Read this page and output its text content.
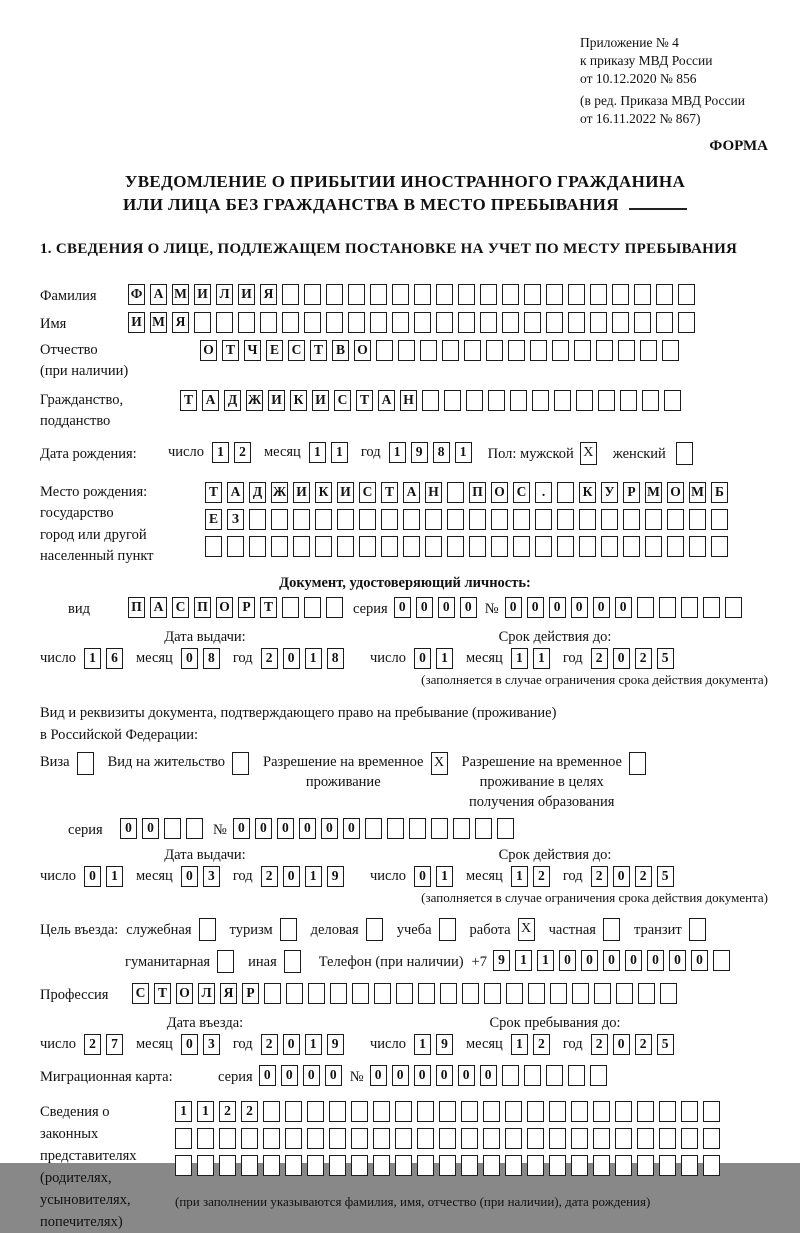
Приложение № 4
к приказу МВД России
от 10.12.2020 № 856
(в ред. Приказа МВД России
от 16.11.2022 № 867)
ФОРМА
УВЕДОМЛЕНИЕ О ПРИБЫТИИ ИНОСТРАННОГО ГРАЖДАНИНА
ИЛИ ЛИЦА БЕЗ ГРАЖДАНСТВА В МЕСТО ПРЕБЫВАНИЯ
1. СВЕДЕНИЯ О ЛИЦЕ, ПОДЛЕЖАЩЕМ ПОСТАНОВКЕ НА УЧЕТ ПО МЕСТУ ПРЕБЫВАНИЯ
Фамилия	Ф А М И Л И Я
Имя	И М Я
Отчество
(при наличии)
О Т Ч Е С Т В О
Гражданство,
подданство
Т А Д Ж И К И С Т А Н
Дата рождения:	число 1	2	месяц 1	1	год 1	9	8	1	Пол: мужской X женский
Место рождения:
государство
город или другой
населенный пункт
Т А Д Ж И К И С Т А Н П О С	.	К У Р М О М Б
Е	З
Документ, удостоверяющий личность:
вид	П А С П О Р Т	серия 0	0	0	0 № 0	0	0	0	0	0
Дата выдачи:
число 1	6	месяц 0	8	год 2	0	1	8
Срок действия до:
число 0	1	месяц 1	1	год 2	0	2	5
(заполняется в случае ограничения срока действия документа)
Вид и реквизиты документа, подтверждающего право на пребывание (проживание)
в Российской Федерации:
Виза	Вид на жительство	Разрешение на временное
проживание
X Разрешение на временное
проживание в целях
получения образования
серия	0	0	№ 0	0	0	0	0	0
Дата выдачи:
число 0	1	месяц 0	3	год 2	0	1	9
Срок действия до:
число 0	1	месяц 1	2	год 2	0	2	5
(заполняется в случае ограничения срока действия документа)
Цель въезда: служебная	туризм	деловая	учеба	работа X частная	транзит
гуманитарная	иная	Телефон (при наличии) +7 9	1	1	0	0	0	0	0	0	0
Профессия	С Т О Л Я Р
Дата въезда:
число 2	7	месяц 0	3	год 2	0	1	9
Срок пребывания до:
число 1	9	месяц 1	2	год 2	0	2	5
Миграционная карта:	серия 0	0	0	0 № 0	0	0	0	0	0
Сведения о
законных
представителях
(родителях,
усыновителях,
попечителях)
1	1	2	2
(при заполнении указываются фамилия, имя, отчество (при наличии), дата рождения)
